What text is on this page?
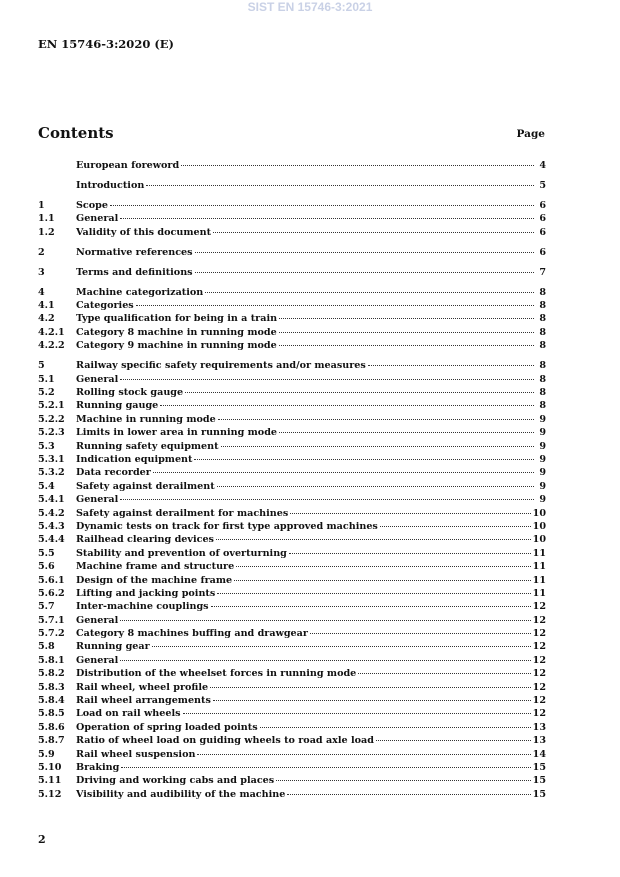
SIST EN 15746-3:2021
EN 15746-3:2020 (E)
Contents	Page
European foreword	4
Introduction	5
1	Scope	6
1.1	General	6
1.2	Validity of this document	6
2	Normative references	6
3	Terms and definitions	7
4	Machine categorization	8
4.1	Categories	8
4.2	Type qualification for being in a train	8
4.2.1	Category 8 machine in running mode	8
4.2.2	Category 9 machine in running mode	8
5	Railway specific safety requirements and/or measures	8
5.1	General	8
5.2	Rolling stock gauge	8
5.2.1	Running gauge	8
5.2.2	Machine in running mode	9
5.2.3	Limits in lower area in running mode	9
5.3	Running safety equipment	9
5.3.1	Indication equipment	9
5.3.2	Data recorder	9
5.4	Safety against derailment	9
5.4.1	General	9
5.4.2	Safety against derailment for machines	10
5.4.3	Dynamic tests on track for first type approved machines	10
5.4.4	Railhead clearing devices	10
5.5	Stability and prevention of overturning	11
5.6	Machine frame and structure	11
5.6.1	Design of the machine frame	11
5.6.2	Lifting and jacking points	11
5.7	Inter-machine couplings	12
5.7.1	General	12
5.7.2	Category 8 machines buffing and drawgear	12
5.8	Running gear	12
5.8.1	General	12
5.8.2	Distribution of the wheelset forces in running mode	12
5.8.3	Rail wheel, wheel profile	12
5.8.4	Rail wheel arrangements	12
5.8.5	Load on rail wheels	12
5.8.6	Operation of spring loaded points	13
5.8.7	Ratio of wheel load on guiding wheels to road axle load	13
5.9	Rail wheel suspension	14
5.10	Braking	15
5.11	Driving and working cabs and places	15
5.12	Visibility and audibility of the machine	15
2
